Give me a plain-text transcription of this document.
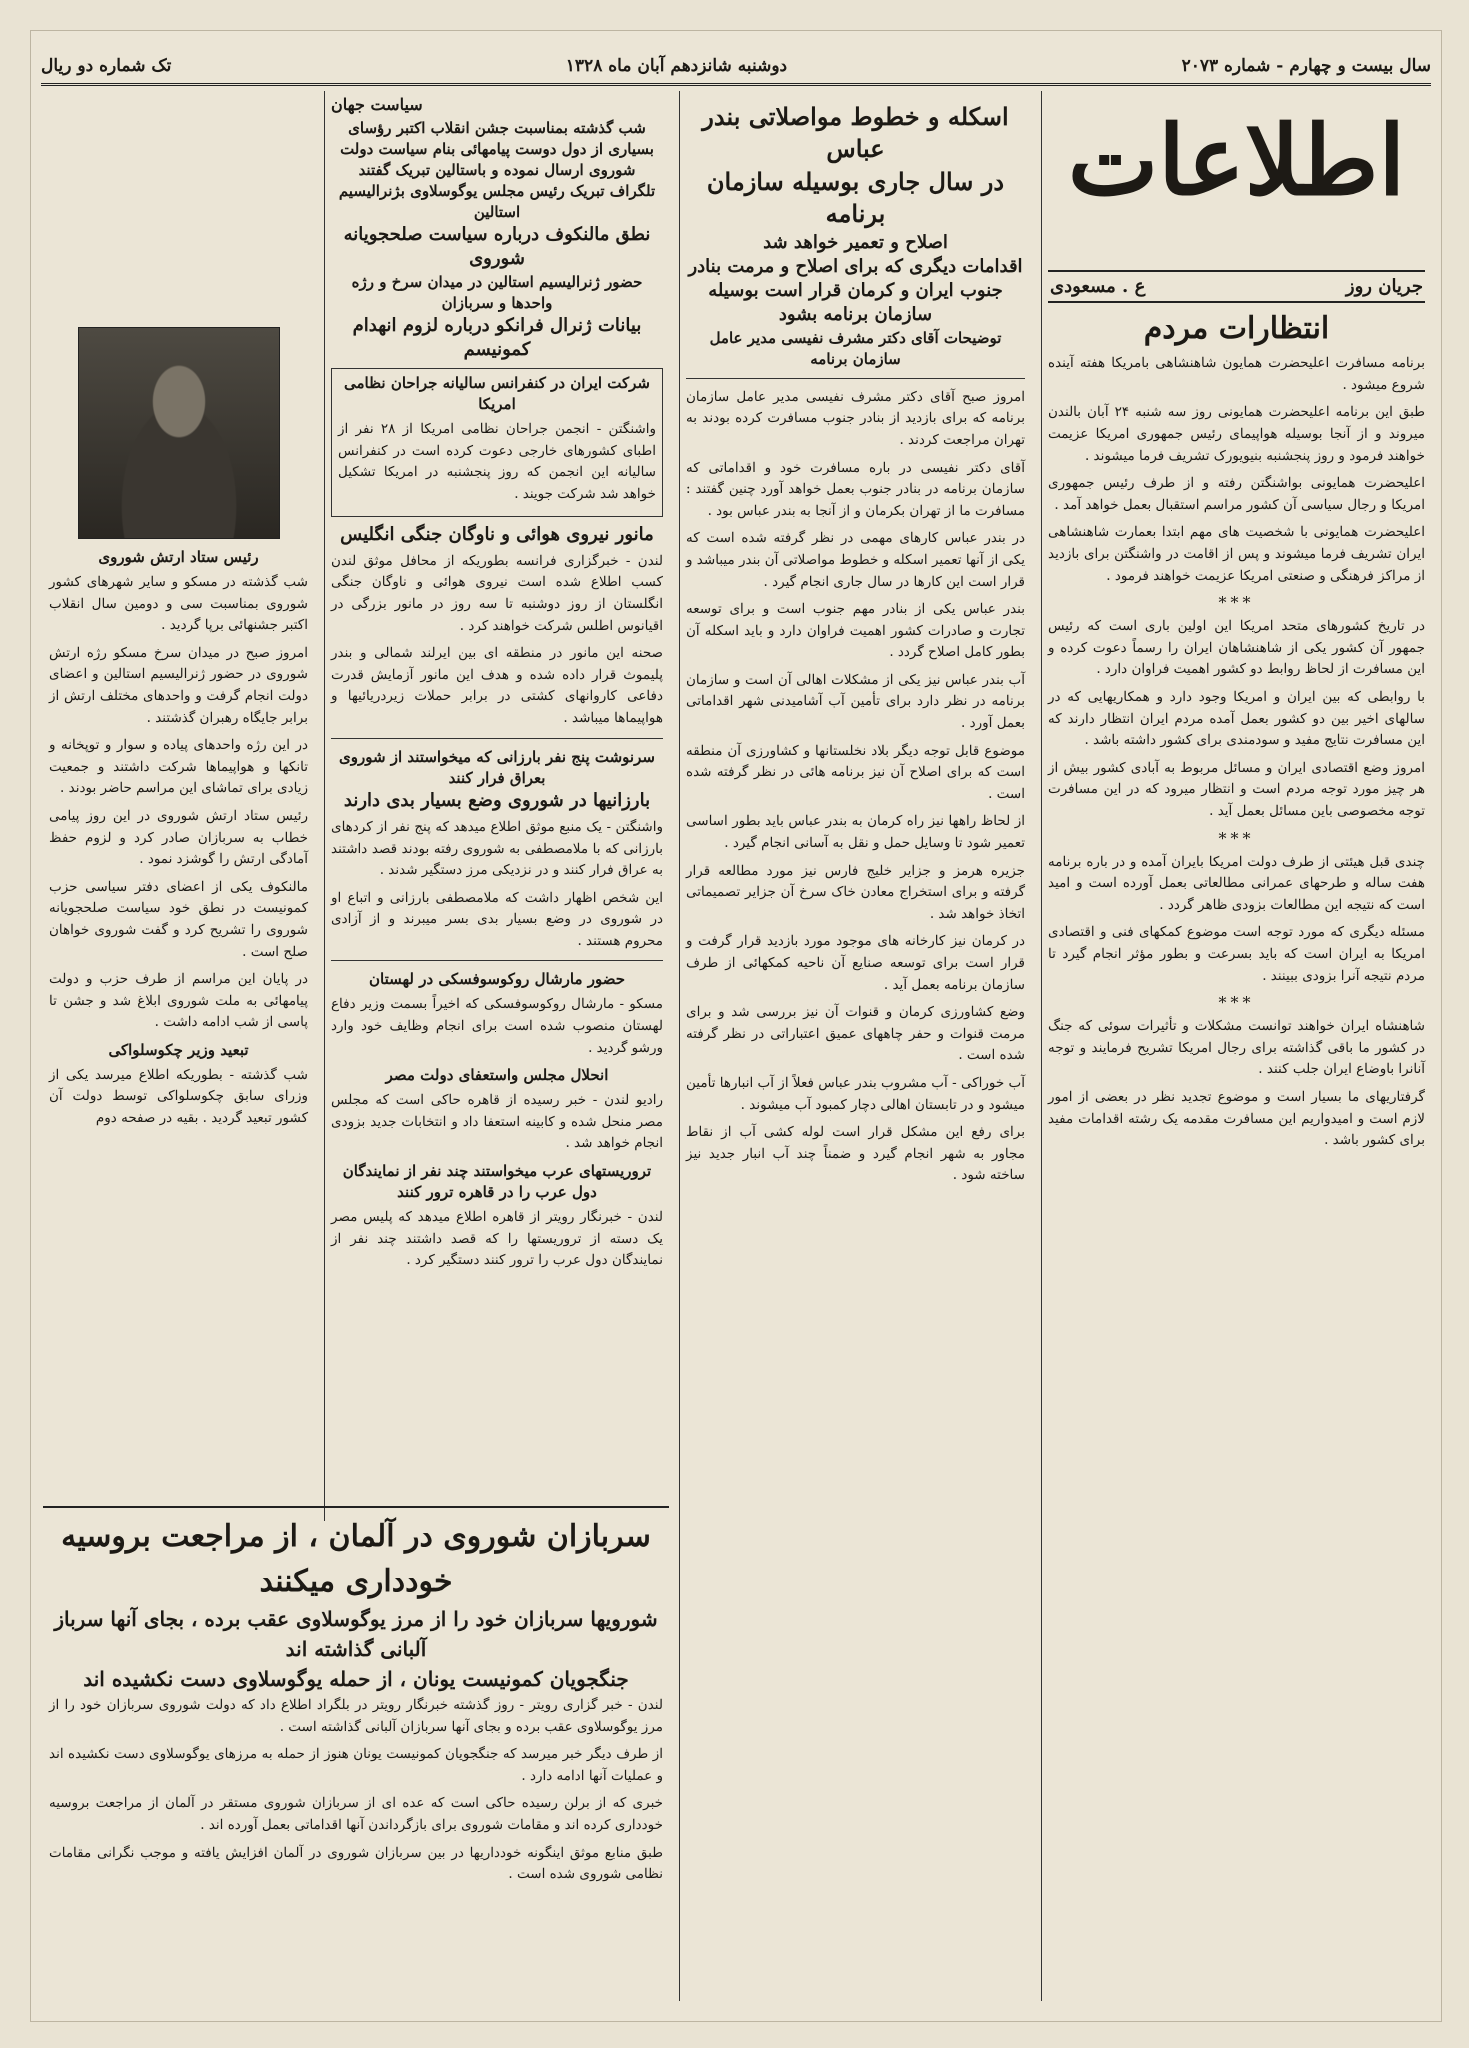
سال بیست و چهارم - شماره ۲۰۷۳
دوشنبه شانزدهم آبان ماه ۱۳۲۸
تک شماره دو ریال
اطلاعات
جریان روز
ع . مسعودی
انتظارات مردم

برنامه مسافرت اعلیحضرت همایون شاهنشاهی بامریکا هفته آینده شروع میشود .

طبق این برنامه اعلیحضرت همایونی روز سه شنبه ۲۴ آبان بالندن میروند و از آنجا بوسیله هواپیمای رئیس جمهوری امریکا عزیمت خواهند فرمود و روز پنجشنبه بنیویورک تشریف فرما میشوند .

اعلیحضرت همایونی بواشنگتن رفته و از طرف رئیس جمهوری امریکا و رجال سیاسی آن کشور مراسم استقبال بعمل خواهد آمد .

اعلیحضرت همایونی با شخصیت های مهم ابتدا بعمارت شاهنشاهی ایران تشریف فرما میشوند و پس از اقامت در واشنگتن برای بازدید از مراکز فرهنگی و صنعتی امریکا عزیمت خواهند فرمود .

***

در تاریخ کشورهای متحد امریکا این اولین باری است که رئیس جمهور آن کشور یکی از شاهنشاهان ایران را رسماً دعوت کرده و این مسافرت از لحاظ روابط دو کشور اهمیت فراوان دارد .

با روابطی که بین ایران و امریکا وجود دارد و همکاریهایی که در سالهای اخیر بین دو کشور بعمل آمده مردم ایران انتظار دارند که این مسافرت نتایج مفید و سودمندی برای کشور داشته باشد .

امروز وضع اقتصادی ایران و مسائل مربوط به آبادی کشور بیش از هر چیز مورد توجه مردم است و انتظار میرود که در این مسافرت توجه مخصوصی باین مسائل بعمل آید .

***

چندی قبل هیئتی از طرف دولت امریکا بایران آمده و در باره برنامه هفت ساله و طرحهای عمرانی مطالعاتی بعمل آورده است و امید است که نتیجه این مطالعات بزودی ظاهر گردد .

مسئله دیگری که مورد توجه است موضوع کمکهای فنی و اقتصادی امریکا به ایران است که باید بسرعت و بطور مؤثر انجام گیرد تا مردم نتیجه آنرا بزودی ببینند .

***

شاهنشاه ایران خواهند توانست مشکلات و تأثیرات سوئی که جنگ در کشور ما باقی گذاشته برای رجال امریکا تشریح فرمایند و توجه آنانرا باوضاع ایران جلب کنند .

گرفتاریهای ما بسیار است و موضوع تجدید نظر در بعضی از امور لازم است و امیدواریم این مسافرت مقدمه یک رشته اقدامات مفید برای کشور باشد .

اسکله و خطوط مواصلاتی بندر عباس
در سال جاری بوسیله سازمان برنامه
اصلاح و تعمیر خواهد شد
اقدامات دیگری که برای اصلاح و مرمت بنادر جنوب ایران و کرمان قرار است بوسیله سازمان برنامه بشود
توضیحات آقای دکتر مشرف نفیسی مدیر عامل سازمان برنامه

امروز صبح آقای دکتر مشرف نفیسی مدیر عامل سازمان برنامه که برای بازدید از بنادر جنوب مسافرت کرده بودند به تهران مراجعت کردند .

آقای دکتر نفیسی در باره مسافرت خود و اقداماتی که سازمان برنامه در بنادر جنوب بعمل خواهد آورد چنین گفتند : مسافرت ما از تهران بکرمان و از آنجا به بندر عباس بود .

در بندر عباس کارهای مهمی در نظر گرفته شده است که یکی از آنها تعمیر اسکله و خطوط مواصلاتی آن بندر میباشد و قرار است این کارها در سال جاری انجام گیرد .

بندر عباس یکی از بنادر مهم جنوب است و برای توسعه تجارت و صادرات کشور اهمیت فراوان دارد و باید اسکله آن بطور کامل اصلاح گردد .

آب بندر عباس نیز یکی از مشکلات اهالی آن است و سازمان برنامه در نظر دارد برای تأمین آب آشامیدنی شهر اقداماتی بعمل آورد .

موضوع قابل توجه دیگر بلاد نخلستانها و کشاورزی آن منطقه است که برای اصلاح آن نیز برنامه هائی در نظر گرفته شده است .

از لحاظ راهها نیز راه کرمان به بندر عباس باید بطور اساسی تعمیر شود تا وسایل حمل و نقل به آسانی انجام گیرد .

جزیره هرمز و جزایر خلیج فارس نیز مورد مطالعه قرار گرفته و برای استخراج معادن خاک سرخ آن جزایر تصمیماتی اتخاذ خواهد شد .

در کرمان نیز کارخانه های موجود مورد بازدید قرار گرفت و قرار است برای توسعه صنایع آن ناحیه کمکهائی از طرف سازمان برنامه بعمل آید .

وضع کشاورزی کرمان و قنوات آن نیز بررسی شد و برای مرمت قنوات و حفر چاههای عمیق اعتباراتی در نظر گرفته شده است .

آب خوراکی - آب مشروب بندر عباس فعلاً از آب انبارها تأمین میشود و در تابستان اهالی دچار کمبود آب میشوند .

برای رفع این مشکل قرار است لوله کشی آب از نقاط مجاور به شهر انجام گیرد و ضمناً چند آب انبار جدید نیز ساخته شود .

سیاست جهان
شب گذشته بمناسبت جشن انقلاب اکتبر رؤسای بسیاری از دول دوست پیامهائی بنام سیاست دولت شوروی ارسال نموده و باستالین تبریک گفتند
تلگراف تبریک رئیس مجلس یوگوسلاوی بژنرالیسیم استالین
نطق مالنکوف درباره سیاست صلحجویانه شوروی
حضور ژنرالیسیم استالین در میدان سرخ و رژه واحدها و سربازان
بیانات ژنرال فرانکو درباره لزوم انهدام کمونیسم
شرکت ایران در کنفرانس سالیانه جراحان نظامی امریکا

واشنگتن - انجمن جراحان نظامی امریکا از ۲۸ نفر از اطبای کشورهای خارجی دعوت کرده است در کنفرانس سالیانه این انجمن که روز پنجشنبه در امریکا تشکیل خواهد شد شرکت جویند .

مانور نیروی هوائی و ناوگان جنگی انگلیس

لندن - خبرگزاری فرانسه بطوریکه از محافل موثق لندن کسب اطلاع شده است نیروی هوائی و ناوگان جنگی انگلستان از روز دوشنبه تا سه روز در مانور بزرگی در اقیانوس اطلس شرکت خواهند کرد .

صحنه این مانور در منطقه ای بین ایرلند شمالی و بندر پلیموث قرار داده شده و هدف این مانور آزمایش قدرت دفاعی کاروانهای کشتی در برابر حملات زیردریائیها و هواپیماها میباشد .

سرنوشت پنج نفر بارزانی که میخواستند از شوروی بعراق فرار کنند
بارزانیها در شوروی وضع بسیار بدی دارند

واشنگتن - یک منبع موثق اطلاع میدهد که پنج نفر از کردهای بارزانی که با ملامصطفی به شوروی رفته بودند قصد داشتند به عراق فرار کنند و در نزدیکی مرز دستگیر شدند .

این شخص اظهار داشت که ملامصطفی بارزانی و اتباع او در شوروی در وضع بسیار بدی بسر میبرند و از آزادی محروم هستند .

حضور مارشال روکوسوفسکی در لهستان

مسکو - مارشال روکوسوفسکی که اخیراً بسمت وزیر دفاع لهستان منصوب شده است برای انجام وظایف خود وارد ورشو گردید .

انحلال مجلس واستعفای دولت مصر

رادیو لندن - خبر رسیده از قاهره حاکی است که مجلس مصر منحل شده و کابینه استعفا داد و انتخابات جدید بزودی انجام خواهد شد .

تروریستهای عرب میخواستند چند نفر از نمایندگان دول عرب را در قاهره ترور کنند

لندن - خبرنگار رویتر از قاهره اطلاع میدهد که پلیس مصر یک دسته از تروریستها را که قصد داشتند چند نفر از نمایندگان دول عرب را ترور کنند دستگیر کرد .

رئیس ستاد ارتش شوروی

شب گذشته در مسکو و سایر شهرهای کشور شوروی بمناسبت سی و دومین سال انقلاب اکتبر جشنهائی برپا گردید .

امروز صبح در میدان سرخ مسکو رژه ارتش شوروی در حضور ژنرالیسیم استالین و اعضای دولت انجام گرفت و واحدهای مختلف ارتش از برابر جایگاه رهبران گذشتند .

در این رژه واحدهای پیاده و سوار و توپخانه و تانکها و هواپیماها شرکت داشتند و جمعیت زیادی برای تماشای این مراسم حاضر بودند .

رئیس ستاد ارتش شوروی در این روز پیامی خطاب به سربازان صادر کرد و لزوم حفظ آمادگی ارتش را گوشزد نمود .

مالنکوف یکی از اعضای دفتر سیاسی حزب کمونیست در نطق خود سیاست صلحجویانه شوروی را تشریح کرد و گفت شوروی خواهان صلح است .

در پایان این مراسم از طرف حزب و دولت پیامهائی به ملت شوروی ابلاغ شد و جشن تا پاسی از شب ادامه داشت .

تبعید وزیر چکوسلواکی

شب گذشته - بطوریکه اطلاع میرسد یکی از وزرای سابق چکوسلواکی توسط دولت آن کشور تبعید گردید . بقیه در صفحه دوم

سربازان شوروی در آلمان ، از مراجعت بروسیه خودداری میکنند
شورویها سربازان خود را از مرز یوگوسلاوی عقب برده ، بجای آنها سرباز آلبانی گذاشته اند
جنگجویان کمونیست یونان ، از حمله یوگوسلاوی دست نکشیده اند

لندن - خبر گزاری رویتر - روز گذشته خبرنگار رویتر در بلگراد اطلاع داد که دولت شوروی سربازان خود را از مرز یوگوسلاوی عقب برده و بجای آنها سربازان آلبانی گذاشته است .

از طرف دیگر خبر میرسد که جنگجویان کمونیست یونان هنوز از حمله به مرزهای یوگوسلاوی دست نکشیده اند و عملیات آنها ادامه دارد .

خبری که از برلن رسیده حاکی است که عده ای از سربازان شوروی مستقر در آلمان از مراجعت بروسیه خودداری کرده اند و مقامات شوروی برای بازگرداندن آنها اقداماتی بعمل آورده اند .

طبق منابع موثق اینگونه خودداریها در بین سربازان شوروی در آلمان افزایش یافته و موجب نگرانی مقامات نظامی شوروی شده است .
